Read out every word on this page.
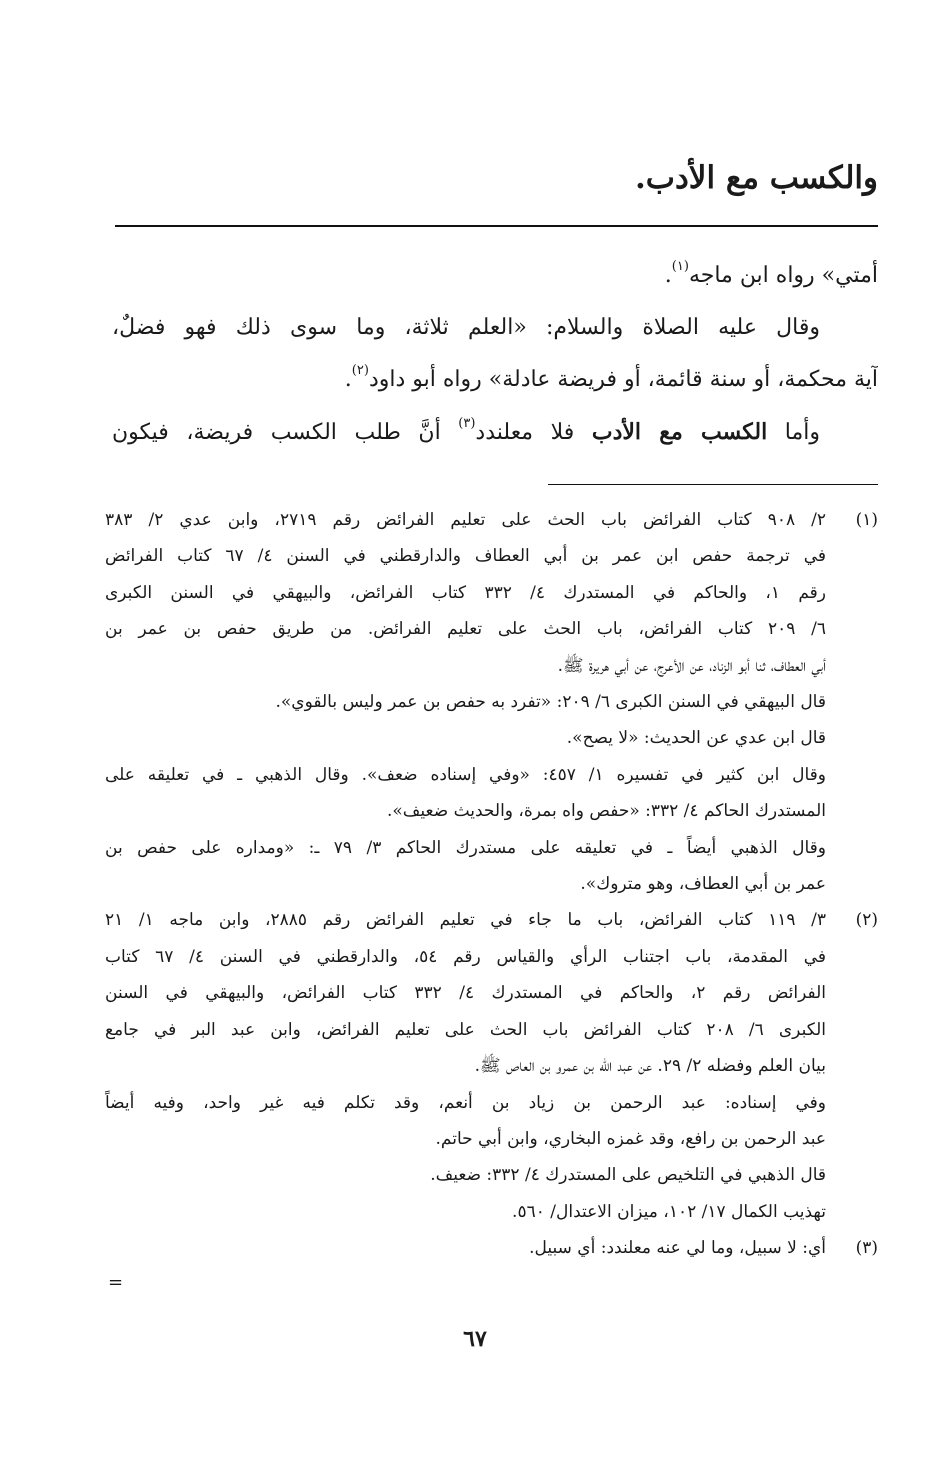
والكسب مع الأدب.

أمتي» رواه ابن ماجه$^{(١)}$.

وقال عليه الصلاة والسلام: «العلم ثلاثة، وما سوى ذلك فهو فضلٌ،

آية محكمة، أو سنة قائمة، أو فريضة عادلة» رواه أبو داود$^{(٢)}$.

وأما الكسب مع الأدب فلا معلندد$^{(٣)}$ أنَّ طلب الكسب فريضة، فيكون

(١)
٢/ ٩٠٨ كتاب الفرائض باب الحث على تعليم الفرائض رقم ٢٧١٩، وابن عدي ٢/ ٣٨٣
في ترجمة حفص ابن عمر بن أبي العطاف والدارقطني في السنن ٤/ ٦٧ كتاب الفرائض
رقم ١، والحاكم في المستدرك ٤/ ٣٣٢ كتاب الفرائض، والبيهقي في السنن الكبرى
٦/ ٢٠٩ كتاب الفرائض، باب الحث على تعليم الفرائض. من طريق حفص بن عمر بن
أبي العطاف، ثنا أبو الزناد، عن الأعرج، عن أبي هريرة ﷺ.
قال البيهقي في السنن الكبرى ٦/ ٢٠٩: «تفرد به حفص بن عمر وليس بالقوي».
قال ابن عدي عن الحديث: «لا يصح».
وقال ابن كثير في تفسيره ١/ ٤٥٧: «وفي إسناده ضعف». وقال الذهبي ـ في تعليقه على
المستدرك الحاكم ٤/ ٣٣٢: «حفص واه بمرة، والحديث ضعيف».
وقال الذهبي أيضاً ـ في تعليقه على مستدرك الحاكم ٣/ ٧٩ ـ: «ومداره على حفص بن
عمر بن أبي العطاف، وهو متروك».
(٢)
٣/ ١١٩ كتاب الفرائض، باب ما جاء في تعليم الفرائض رقم ٢٨٨٥، وابن ماجه ١/ ٢١
في المقدمة، باب اجتناب الرأي والقياس رقم ٥٤، والدارقطني في السنن ٤/ ٦٧ كتاب
الفرائض رقم ٢، والحاكم في المستدرك ٤/ ٣٣٢ كتاب الفرائض، والبيهقي في السنن
الكبرى ٦/ ٢٠٨ كتاب الفرائض باب الحث على تعليم الفرائض، وابن عبد البر في جامع
بيان العلم وفضله ٢/ ٢٩. عن عبد الله بن عمرو بن العاص ﷺ.
وفي إسناده: عبد الرحمن بن زياد بن أنعم، وقد تكلم فيه غير واحد، وفيه أيضاً
عبد الرحمن بن رافع، وقد غمزه البخاري، وابن أبي حاتم.
قال الذهبي في التلخيص على المستدرك ٤/ ٣٣٢: ضعيف.
تهذيب الكمال ١٧/ ١٠٢، ميزان الاعتدال/ ٥٦٠.
(٣)
أي: لا سبيل، وما لي عنه معلندد: أي سبيل.
=
٦٧
